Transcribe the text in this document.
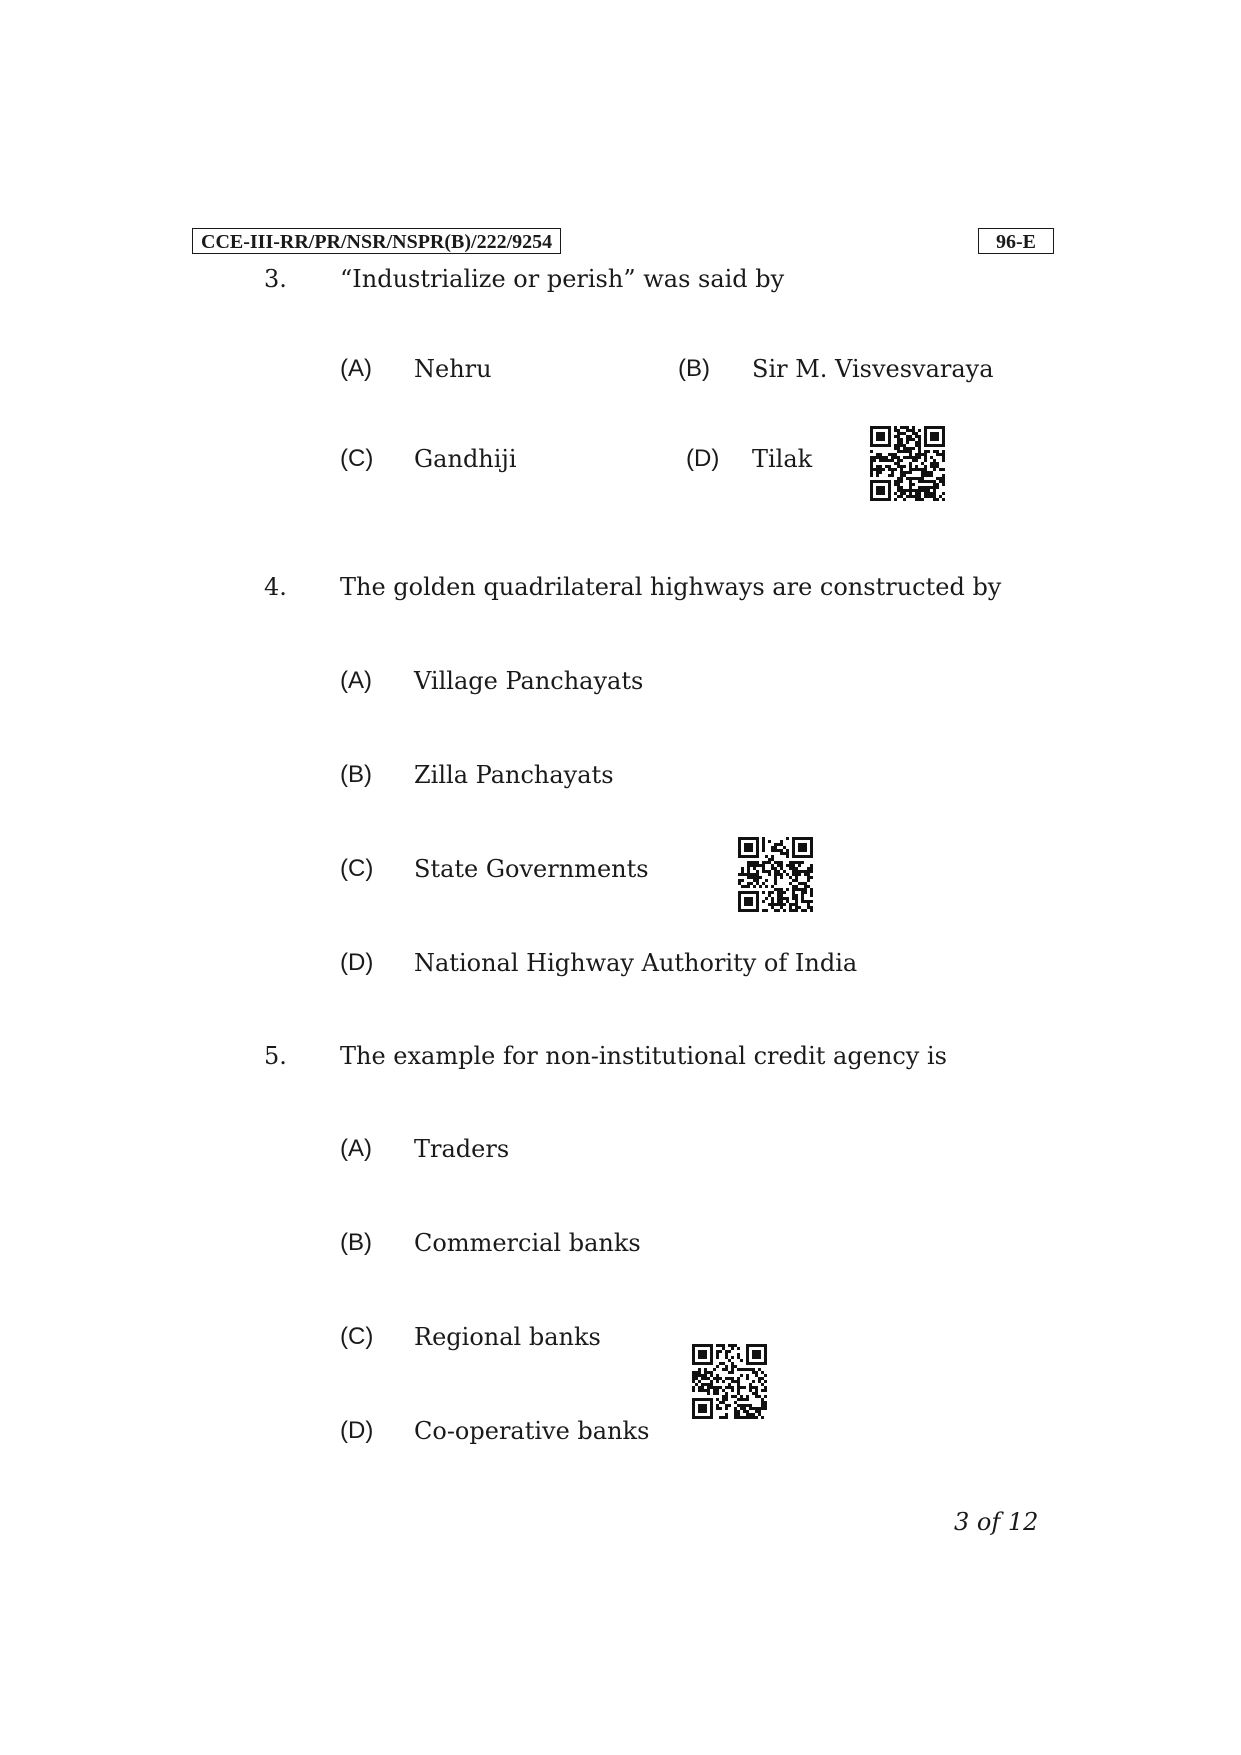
CCE-III-RR/PR/NSR/NSPR(B)/222/9254	96-E
3. “Industrialize or perish” was said by
(A) Nehru	(B) Sir M. Visvesvaraya
(C) Gandhiji	(D) Tilak
4. The golden quadrilateral highways are constructed by
(A) Village Panchayats
(B) Zilla Panchayats
(C) State Governments
(D) National Highway Authority of India
5. The example for non-institutional credit agency is
(A) Traders
(B) Commercial banks
(C) Regional banks
(D) Co-operative banks
3 of 12
